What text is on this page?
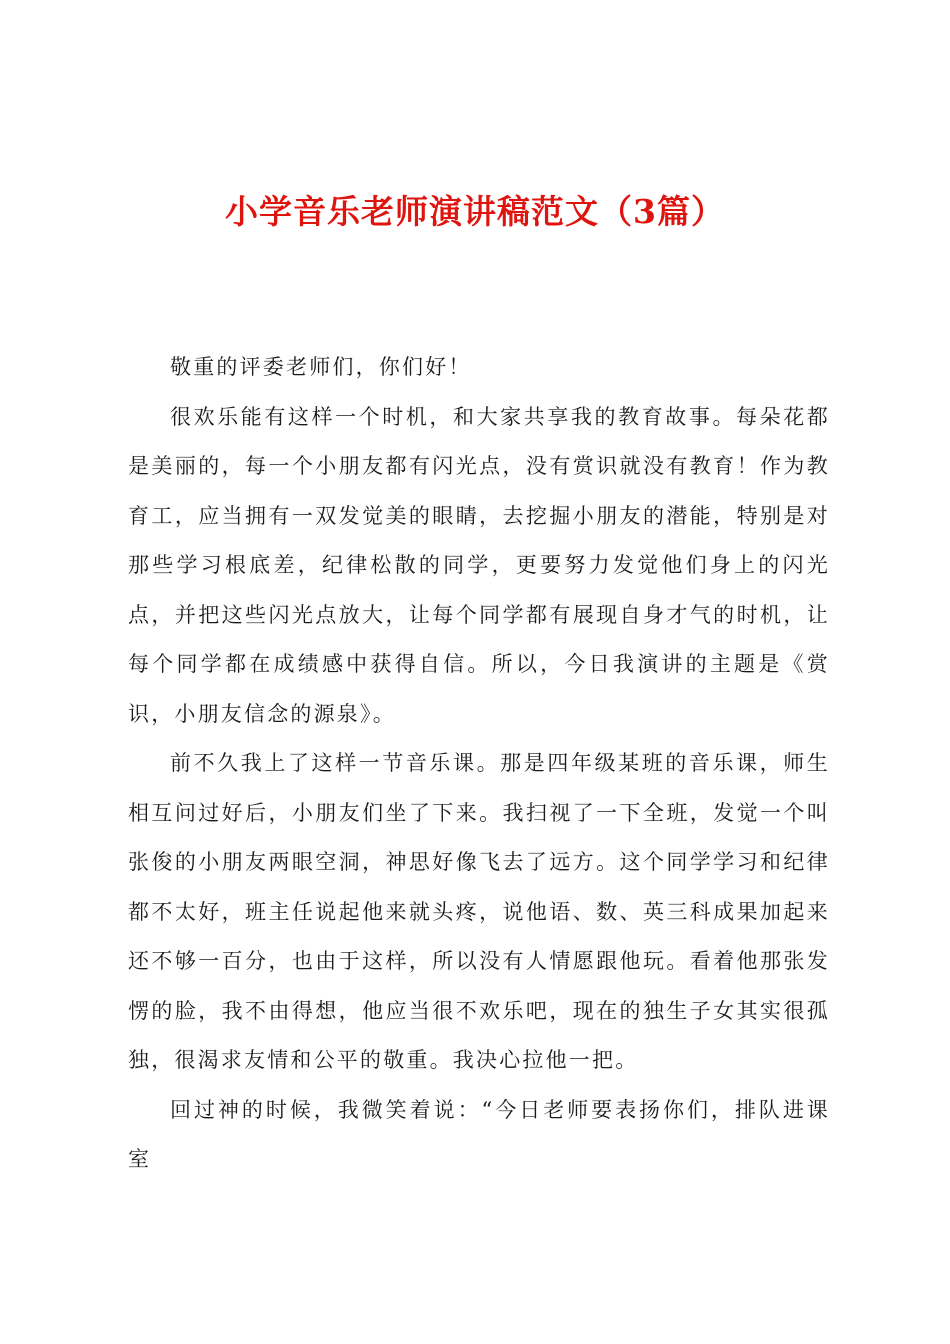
小学音乐老师演讲稿范文（3篇）

敬重的评委老师们，你们好！

很欢乐能有这样一个时机，和大家共享我的教育故事。每朵花都是美丽的，每一个小朋友都有闪光点，没有赏识就没有教育！作为教育工，应当拥有一双发觉美的眼睛，去挖掘小朋友的潜能，特别是对那些学习根底差，纪律松散的同学，更要努力发觉他们身上的闪光点，并把这些闪光点放大，让每个同学都有展现自身才气的时机，让每个同学都在成绩感中获得自信。所以，今日我演讲的主题是《赏识，小朋友信念的源泉》。

前不久我上了这样一节音乐课。那是四年级某班的音乐课，师生相互问过好后，小朋友们坐了下来。我扫视了一下全班，发觉一个叫张俊的小朋友两眼空洞，神思好像飞去了远方。这个同学学习和纪律都不太好，班主任说起他来就头疼，说他语、数、英三科成果加起来还不够一百分，也由于这样，所以没有人情愿跟他玩。看着他那张发愣的脸，我不由得想，他应当很不欢乐吧，现在的独生子女其实很孤独，很渴求友情和公平的敬重。我决心拉他一把。

回过神的时候，我微笑着说：“今日老师要表扬你们，排队进课室
